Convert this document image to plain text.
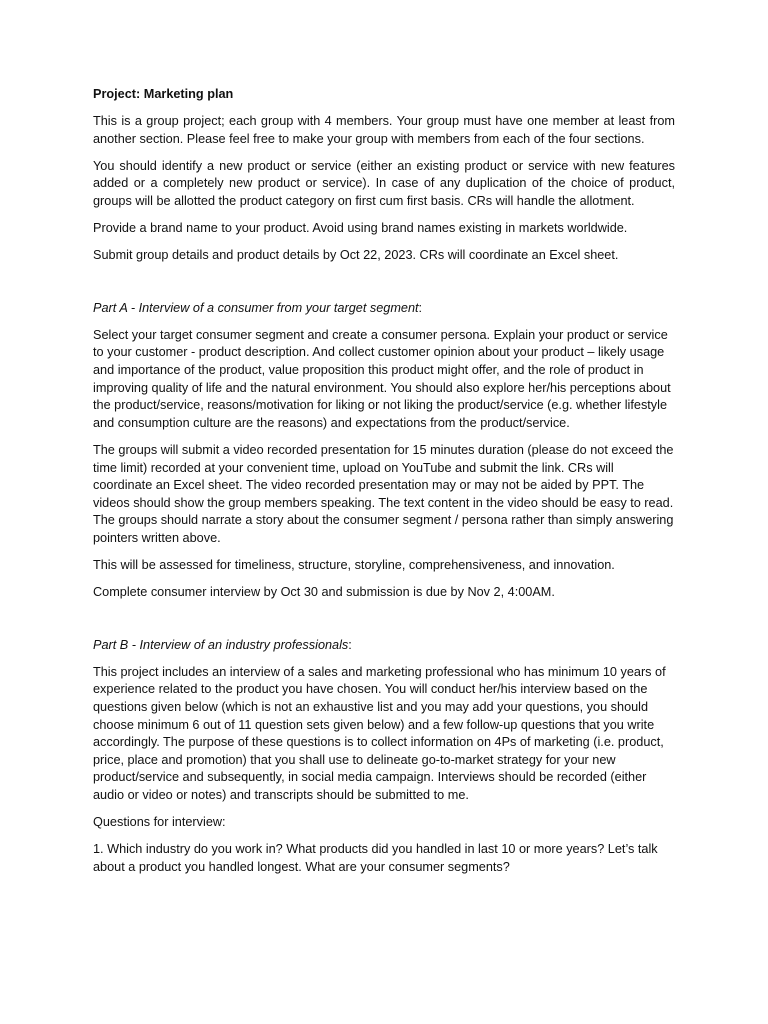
Project: Marketing plan

This is a group project; each group with 4 members. Your group must have one member at least from another section. Please feel free to make your group with members from each of the four sections.

You should identify a new product or service (either an existing product or service with new features added or a completely new product or service). In case of any duplication of the choice of product, groups will be allotted the product category on first cum first basis. CRs will handle the allotment.

Provide a brand name to your product. Avoid using brand names existing in markets worldwide.

Submit group details and product details by Oct 22, 2023. CRs will coordinate an Excel sheet.

Part A - Interview of a consumer from your target segment:

Select your target consumer segment and create a consumer persona. Explain your product or service to your customer - product description. And collect customer opinion about your product – likely usage and importance of the product, value proposition this product might offer, and the role of product in improving quality of life and the natural environment. You should also explore her/his perceptions about the product/service, reasons/motivation for liking or not liking the product/service (e.g. whether lifestyle and consumption culture are the reasons) and expectations from the product/service.

The groups will submit a video recorded presentation for 15 minutes duration (please do not exceed the time limit) recorded at your convenient time, upload on YouTube and submit the link. CRs will coordinate an Excel sheet. The video recorded presentation may or may not be aided by PPT. The videos should show the group members speaking. The text content in the video should be easy to read. The groups should narrate a story about the consumer segment / persona rather than simply answering pointers written above.

This will be assessed for timeliness, structure, storyline, comprehensiveness, and innovation.

Complete consumer interview by Oct 30 and submission is due by Nov 2, 4:00AM.

Part B - Interview of an industry professionals:

This project includes an interview of a sales and marketing professional who has minimum 10 years of experience related to the product you have chosen. You will conduct her/his interview based on the questions given below (which is not an exhaustive list and you may add your questions, you should choose minimum 6 out of 11 question sets given below) and a few follow-up questions that you write accordingly. The purpose of these questions is to collect information on 4Ps of marketing (i.e. product, price, place and promotion) that you shall use to delineate go-to-market strategy for your new product/service and subsequently, in social media campaign. Interviews should be recorded (either audio or video or notes) and transcripts should be submitted to me.

Questions for interview:

1. Which industry do you work in? What products did you handled in last 10 or more years? Let’s talk about a product you handled longest. What are your consumer segments?
